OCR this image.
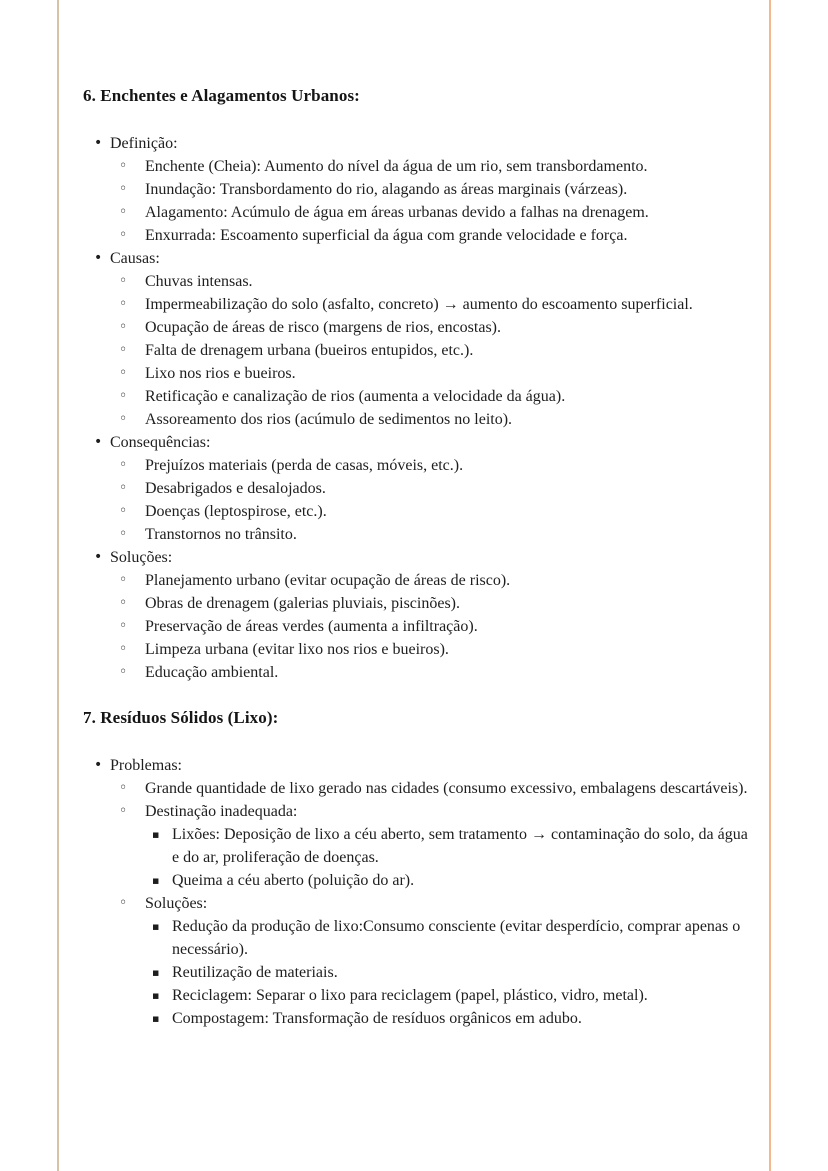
6. Enchentes e Alagamentos Urbanos:
• Definição:
◦ Enchente (Cheia): Aumento do nível da água de um rio, sem transbordamento.
◦ Inundação: Transbordamento do rio, alagando as áreas marginais (várzeas).
◦ Alagamento: Acúmulo de água em áreas urbanas devido a falhas na drenagem.
◦ Enxurrada: Escoamento superficial da água com grande velocidade e força.
• Causas:
◦ Chuvas intensas.
◦ Impermeabilização do solo (asfalto, concreto) → aumento do escoamento superficial.
◦ Ocupação de áreas de risco (margens de rios, encostas).
◦ Falta de drenagem urbana (bueiros entupidos, etc.).
◦ Lixo nos rios e bueiros.
◦ Retificação e canalização de rios (aumenta a velocidade da água).
◦ Assoreamento dos rios (acúmulo de sedimentos no leito).
• Consequências:
◦ Prejuízos materiais (perda de casas, móveis, etc.).
◦ Desabrigados e desalojados.
◦ Doenças (leptospirose, etc.).
◦ Transtornos no trânsito.
• Soluções:
◦ Planejamento urbano (evitar ocupação de áreas de risco).
◦ Obras de drenagem (galerias pluviais, piscinões).
◦ Preservação de áreas verdes (aumenta a infiltração).
◦ Limpeza urbana (evitar lixo nos rios e bueiros).
◦ Educação ambiental.
7. Resíduos Sólidos (Lixo):
• Problemas:
◦ Grande quantidade de lixo gerado nas cidades (consumo excessivo, embalagens descartáveis).
◦ Destinação inadequada:
▪ Lixões: Deposição de lixo a céu aberto, sem tratamento → contaminação do solo, da água e do ar, proliferação de doenças.
▪ Queima a céu aberto (poluição do ar).
◦ Soluções:
▪ Redução da produção de lixo:Consumo consciente (evitar desperdício, comprar apenas o necessário).
▪ Reutilização de materiais.
▪ Reciclagem: Separar o lixo para reciclagem (papel, plástico, vidro, metal).
▪ Compostagem: Transformação de resíduos orgânicos em adubo.
